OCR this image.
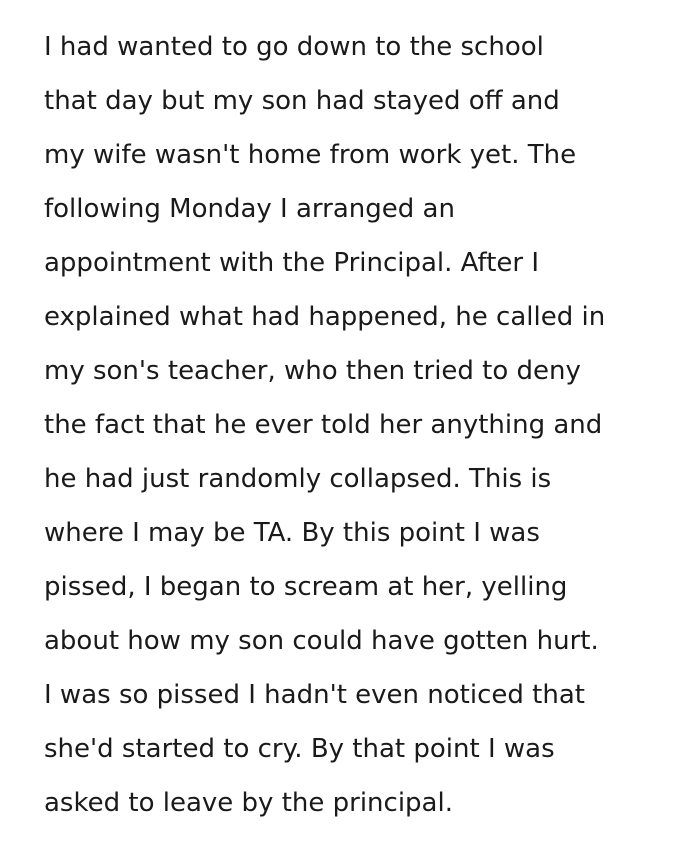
I had wanted to go down to the school
that day but my son had stayed off and
my wife wasn't home from work yet. The
following Monday I arranged an
appointment with the Principal. After I
explained what had happened, he called in
my son's teacher, who then tried to deny
the fact that he ever told her anything and
he had just randomly collapsed. This is
where I may be TA. By this point I was
pissed, I began to scream at her, yelling
about how my son could have gotten hurt.
I was so pissed I hadn't even noticed that
she'd started to cry. By that point I was
asked to leave by the principal.
